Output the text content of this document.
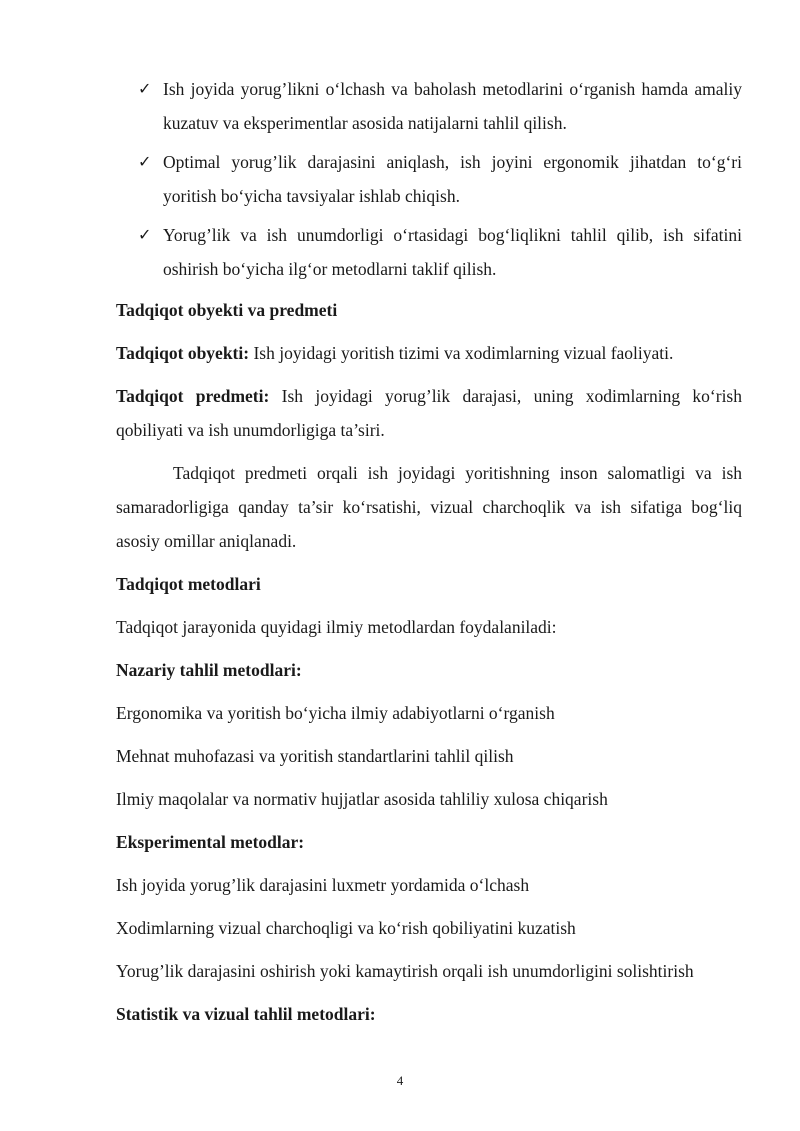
✓ Ish joyida yorug’likni o‘lchash va baholash metodlarini o‘rganish hamda amaliy kuzatuv va eksperimentlar asosida natijalarni tahlil qilish.
✓ Optimal yorug’lik darajasini aniqlash, ish joyini ergonomik jihatdan to‘g‘ri yoritish bo‘yicha tavsiyalar ishlab chiqish.
✓ Yorug’lik va ish unumdorligi o‘rtasidagi bog‘liqlikni tahlil qilib, ish sifatini oshirish bo‘yicha ilg‘or metodlarni taklif qilish.

Tadqiqot obyekti va predmeti

Tadqiqot obyekti: Ish joyidagi yoritish tizimi va xodimlarning vizual faoliyati.

Tadqiqot predmeti: Ish joyidagi yorug’lik darajasi, uning xodimlarning ko‘rish qobiliyati va ish unumdorligiga ta’siri.

Tadqiqot predmeti orqali ish joyidagi yoritishning inson salomatligi va ish samaradorligiga qanday ta’sir ko‘rsatishi, vizual charchoqlik va ish sifatiga bog‘liq asosiy omillar aniqlanadi.

Tadqiqot metodlari

Tadqiqot jarayonida quyidagi ilmiy metodlardan foydalaniladi:

Nazariy tahlil metodlari:

Ergonomika va yoritish bo‘yicha ilmiy adabiyotlarni o‘rganish

Mehnat muhofazasi va yoritish standartlarini tahlil qilish

Ilmiy maqolalar va normativ hujjatlar asosida tahliliy xulosa chiqarish

Eksperimental metodlar:

Ish joyida yorug’lik darajasini luxmetr yordamida o‘lchash

Xodimlarning vizual charchoqligi va ko‘rish qobiliyatini kuzatish

Yorug’lik darajasini oshirish yoki kamaytirish orqali ish unumdorligini solishtirish

Statistik va vizual tahlil metodlari:

4
